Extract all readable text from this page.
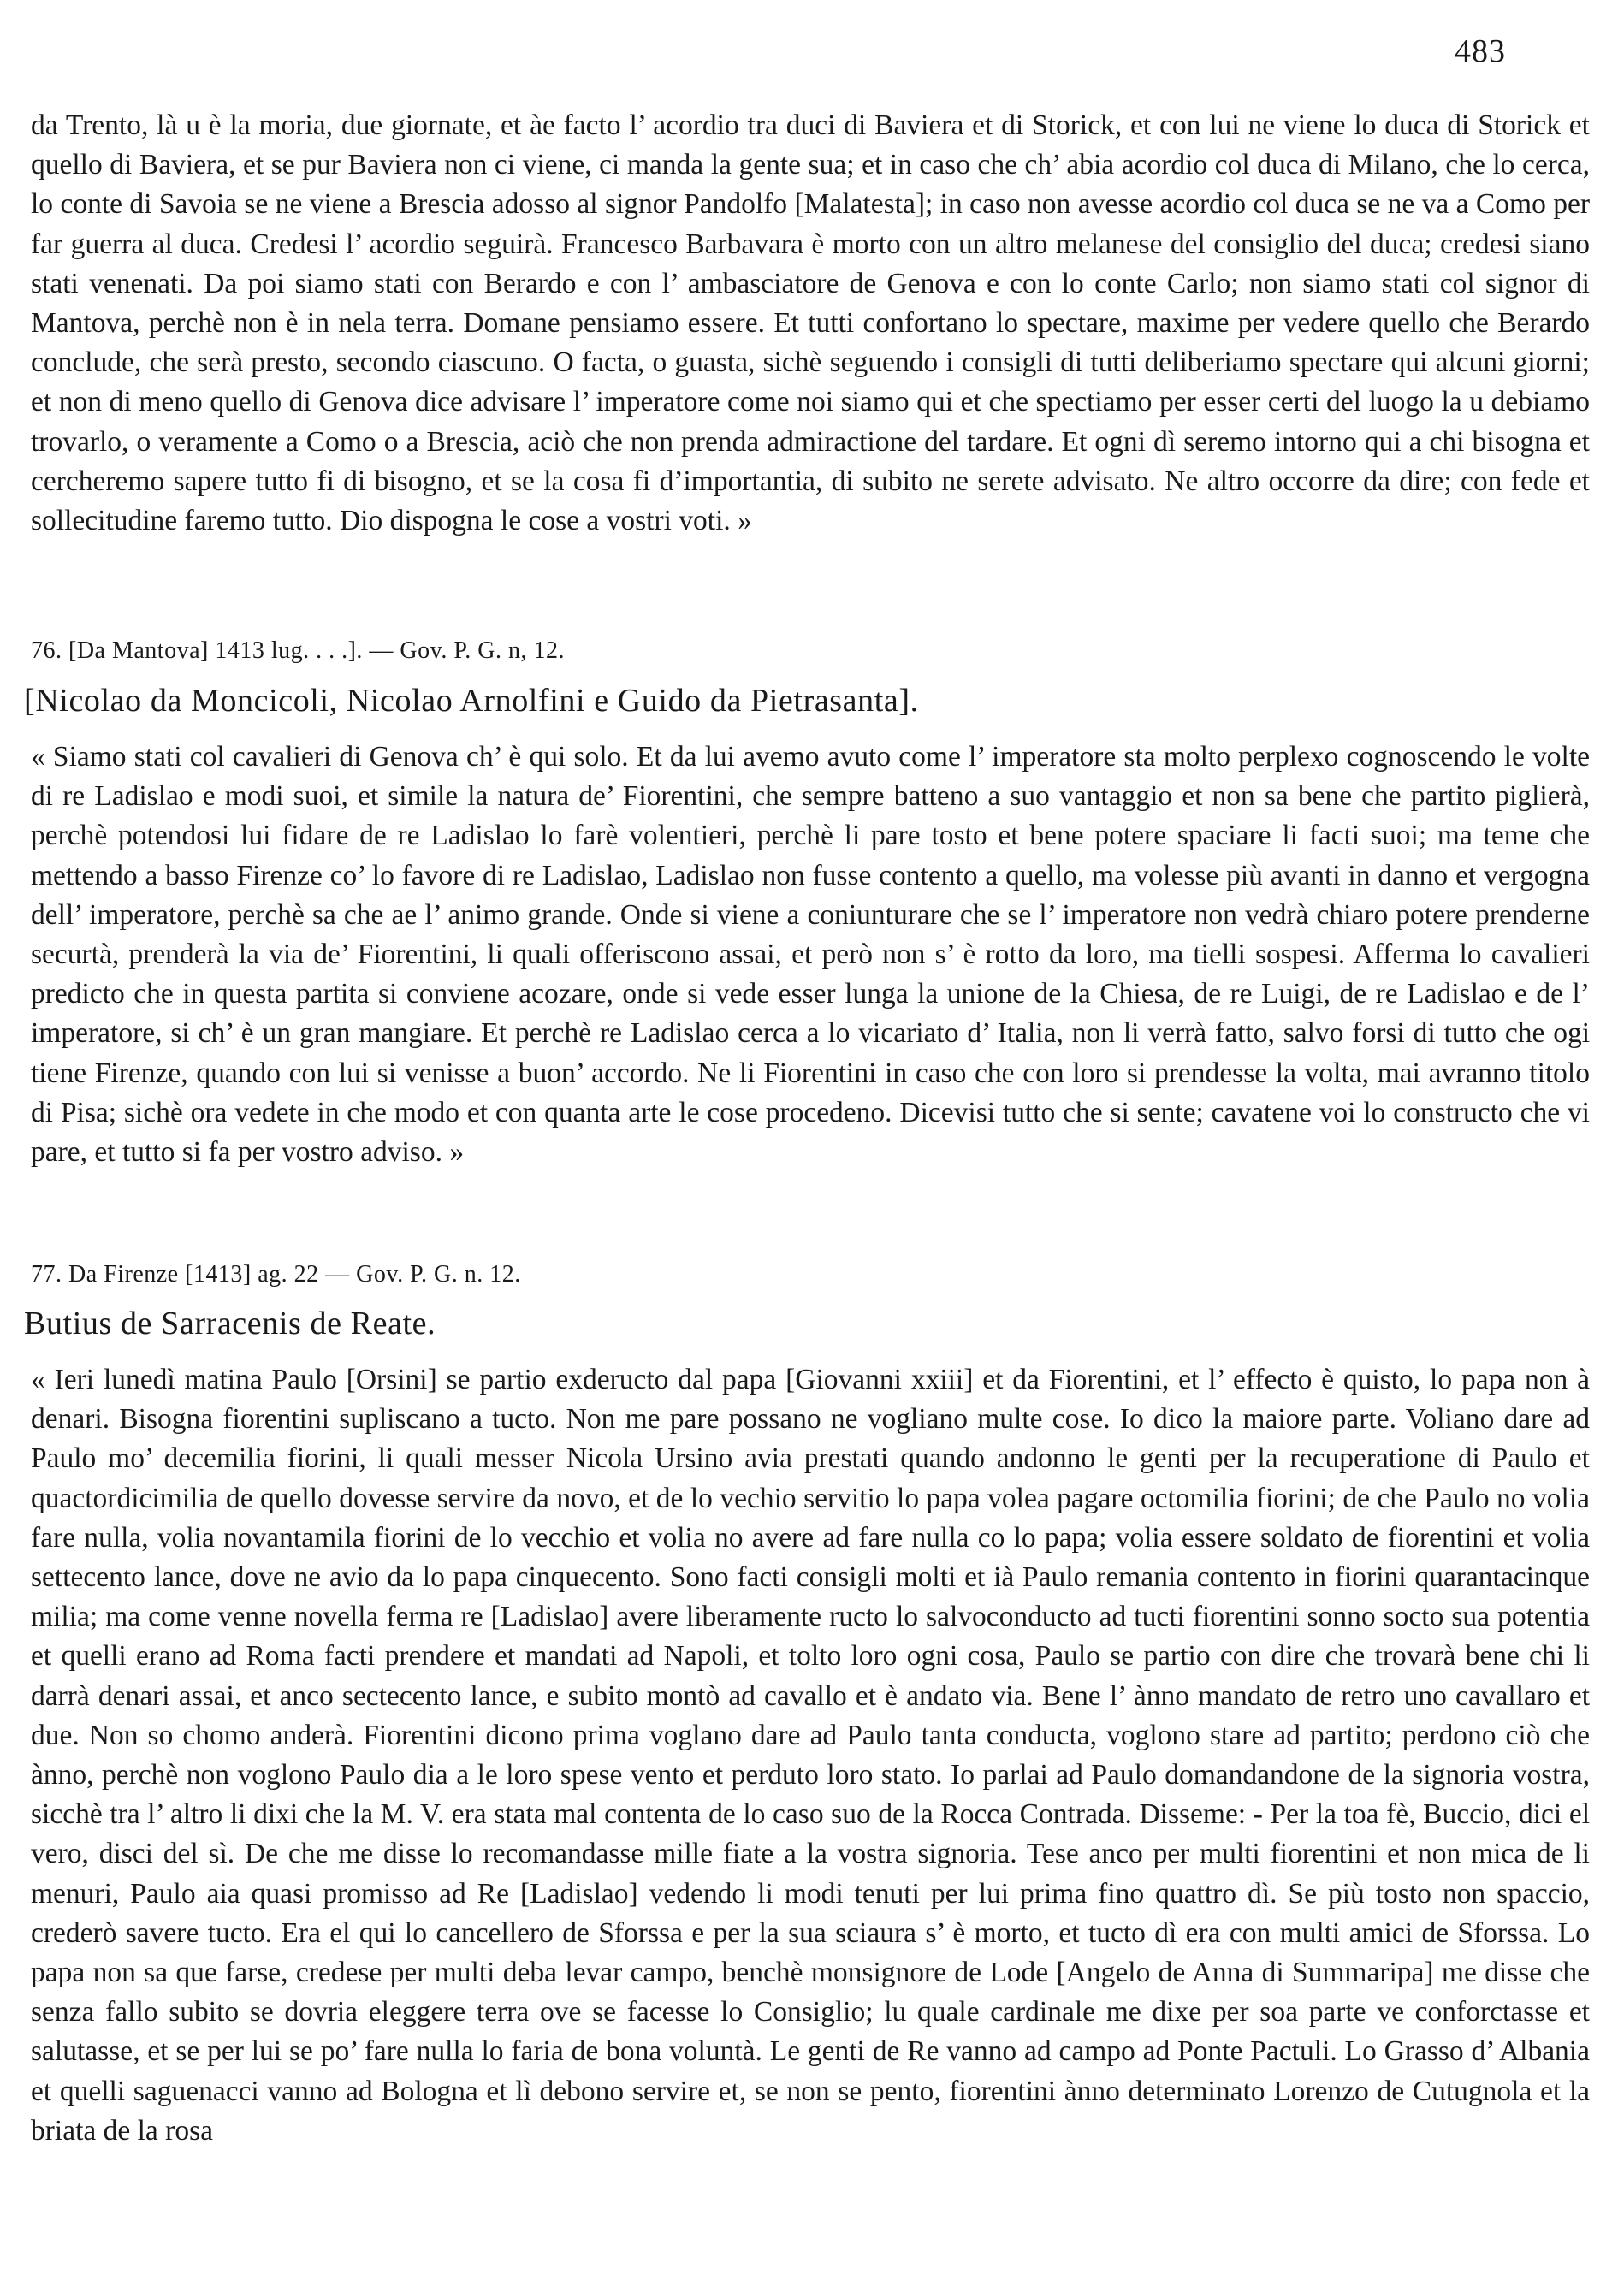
483

da Trento, là u è la moria, due giornate, et àe facto l’ acordio tra duci di Baviera et di Storick, et con lui ne viene lo duca di Storick et quello di Baviera, et se pur Baviera non ci viene, ci manda la gente sua; et in caso che ch’ abia acordio col duca di Milano, che lo cerca, lo conte di Savoia se ne viene a Brescia adosso al signor Pandolfo [Malatesta]; in caso non avesse acordio col duca se ne va a Como per far guerra al duca. Credesi l’ acordio seguirà. Francesco Barbavara è morto con un altro melanese del consiglio del duca; credesi siano stati venenati. Da poi siamo stati con Berardo e con l’ ambasciatore de Genova e con lo conte Carlo; non siamo stati col signor di Mantova, perchè non è in nela terra. Domane pensiamo essere. Et tutti confortano lo spectare, maxime per vedere quello che Berardo conclude, che serà presto, secondo ciascuno. O facta, o guasta, sichè seguendo i consigli di tutti deliberiamo spectare qui alcuni giorni; et non di meno quello di Genova dice advisare l’ imperatore come noi siamo qui et che spectiamo per esser certi del luogo la u debiamo trovarlo, o veramente a Como o a Brescia, aciò che non prenda admiractione del tardare. Et ogni dì seremo intorno qui a chi bisogna et cercheremo sapere tutto fi di bisogno, et se la cosa fi d’importantia, di subito ne serete advisato. Ne altro occorre da dire; con fede et sollecitudine faremo tutto. Dio dispogna le cose a vostri voti. »

76. [Da Mantova] 1413 lug. . . .]. — Gov. P. G. n, 12.
[Nicolao da Moncicoli, Nicolao Arnolfini e Guido da Pietrasanta].

« Siamo stati col cavalieri di Genova ch’ è qui solo. Et da lui avemo avuto come l’ imperatore sta molto perplexo cognoscendo le volte di re Ladislao e modi suoi, et simile la natura de’ Fiorentini, che sempre batteno a suo vantaggio et non sa bene che partito piglierà, perchè potendosi lui fidare de re Ladislao lo farè volentieri, perchè li pare tosto et bene potere spaciare li facti suoi; ma teme che mettendo a basso Firenze co’ lo favore di re Ladislao, Ladislao non fusse contento a quello, ma volesse più avanti in danno et vergogna dell’ imperatore, perchè sa che ae l’ animo grande. Onde si viene a coniunturare che se l’ imperatore non vedrà chiaro potere prenderne securtà, prenderà la via de’ Fiorentini, li quali offeriscono assai, et però non s’ è rotto da loro, ma tielli sospesi. Afferma lo cavalieri predicto che in questa partita si conviene acozare, onde si vede esser lunga la unione de la Chiesa, de re Luigi, de re Ladislao e de l’ imperatore, si ch’ è un gran mangiare. Et perchè re Ladislao cerca a lo vicariato d’ Italia, non li verrà fatto, salvo forsi di tutto che ogi tiene Firenze, quando con lui si venisse a buon’ accordo. Ne li Fiorentini in caso che con loro si prendesse la volta, mai avranno titolo di Pisa; sichè ora vedete in che modo et con quanta arte le cose procedeno. Dicevisi tutto che si sente; cavatene voi lo constructo che vi pare, et tutto si fa per vostro adviso. »

77. Da Firenze [1413] ag. 22 — Gov. P. G. n. 12.
Butius de Sarracenis de Reate.

« Ieri lunedì matina Paulo [Orsini] se partio exderucto dal papa [Giovanni xxiii] et da Fiorentini, et l’ effecto è quisto, lo papa non à denari. Bisogna fiorentini supliscano a tucto. Non me pare possano ne vogliano multe cose. Io dico la maiore parte. Voliano dare ad Paulo mo’ decemilia fiorini, li quali messer Nicola Ursino avia prestati quando andonno le genti per la recuperatione di Paulo et quactordicimilia de quello dovesse servire da novo, et de lo vechio servitio lo papa volea pagare octomilia fiorini; de che Paulo no volia fare nulla, volia novantamila fiorini de lo vecchio et volia no avere ad fare nulla co lo papa; volia essere soldato de fiorentini et volia settecento lance, dove ne avio da lo papa cinquecento. Sono facti consigli molti et ià Paulo remania contento in fiorini quarantacinque milia; ma come venne novella ferma re [Ladislao] avere liberamente ructo lo salvoconducto ad tucti fiorentini sonno socto sua potentia et quelli erano ad Roma facti prendere et mandati ad Napoli, et tolto loro ogni cosa, Paulo se partio con dire che trovarà bene chi li darrà denari assai, et anco sectecento lance, e subito montò ad cavallo et è andato via. Bene l’ ànno mandato de retro uno cavallaro et due. Non so chomo anderà. Fiorentini dicono prima voglano dare ad Paulo tanta conducta, voglono stare ad partito; perdono ciò che ànno, perchè non voglono Paulo dia a le loro spese vento et perduto loro stato. Io parlai ad Paulo domandandone de la signoria vostra, sicchè tra l’ altro li dixi che la M. V. era stata mal contenta de lo caso suo de la Rocca Contrada. Disseme: - Per la toa fè, Buccio, dici el vero, disci del sì. De che me disse lo recomandasse mille fiate a la vostra signoria. Tese anco per multi fiorentini et non mica de li menuri, Paulo aia quasi promisso ad Re [Ladislao] vedendo li modi tenuti per lui prima fino quattro dì. Se più tosto non spaccio, crederò savere tucto. Era el qui lo cancellero de Sforssa e per la sua sciaura s’ è morto, et tucto dì era con multi amici de Sforssa. Lo papa non sa que farse, credese per multi deba levar campo, benchè monsignore de Lode [Angelo de Anna di Summaripa] me disse che senza fallo subito se dovria eleggere terra ove se facesse lo Consiglio; lu quale cardinale me dixe per soa parte ve conforctasse et salutasse, et se per lui se po’ fare nulla lo faria de bona voluntà. Le genti de Re vanno ad campo ad Ponte Pactuli. Lo Grasso d’ Albania et quelli saguenacci vanno ad Bologna et lì debono servire et, se non se pento, fiorentini ànno determinato Lorenzo de Cutugnola et la briata de la rosa
